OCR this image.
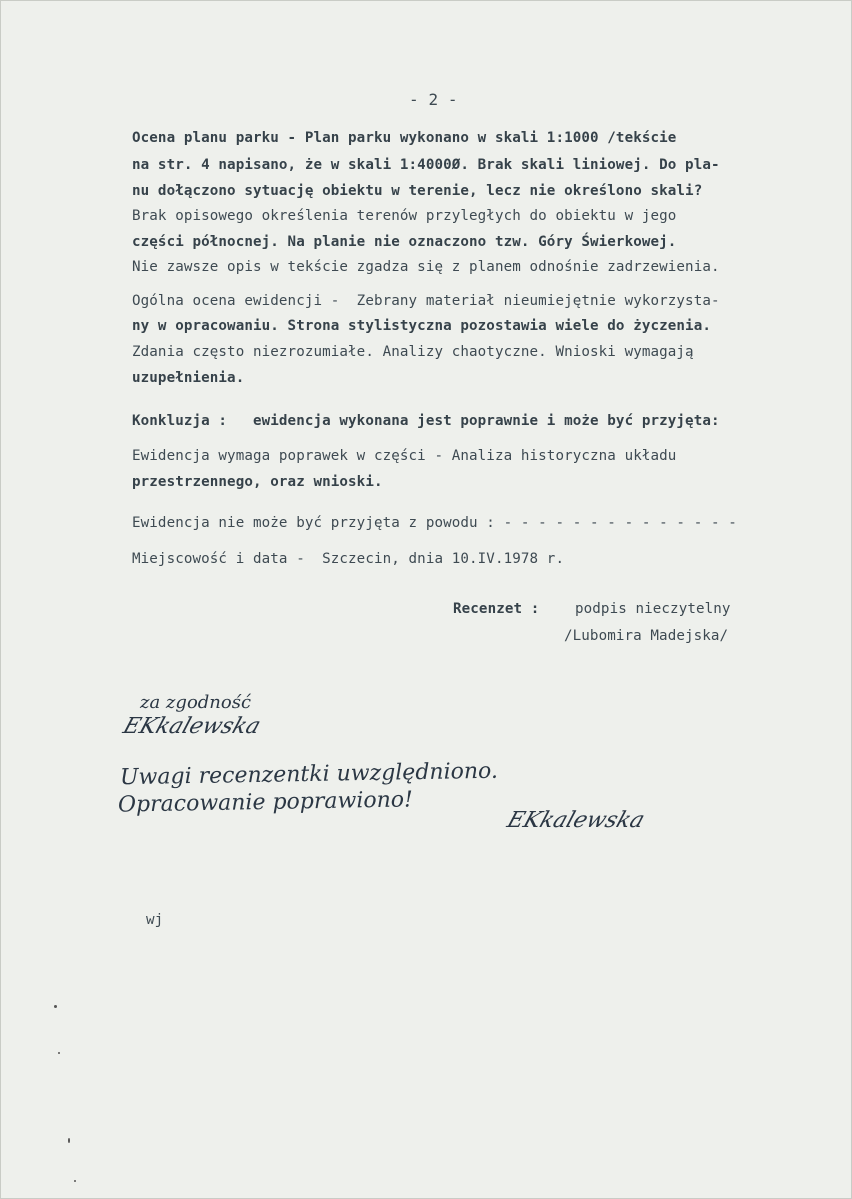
- 2 -
Ocena planu parku - Plan parku wykonano w skali 1:1000 /tekście
na str. 4 napisano, że w skali 1:4000Ø. Brak skali liniowej. Do pla-
nu dołączono sytuację obiektu w terenie, lecz nie określono skali?
Brak opisowego określenia terenów przyległych do obiektu w jego
części północnej. Na planie nie oznaczono tzw. Góry Świerkowej.
Nie zawsze opis w tekście zgadza się z planem odnośnie zadrzewienia.
Ogólna ocena ewidencji -  Zebrany materiał nieumiejętnie wykorzysta-
ny w opracowaniu. Strona stylistyczna pozostawia wiele do życzenia.
Zdania często niezrozumiałe. Analizy chaotyczne. Wnioski wymagają
uzupełnienia.
Konkluzja :   ewidencja wykonana jest poprawnie i może być przyjęta:
Ewidencja wymaga poprawek w części - Analiza historyczna układu
przestrzennego, oraz wnioski.
Ewidencja nie może być przyjęta z powodu : - - - - - - - - - - - - - -
Miejscowość i data -  Szczecin, dnia 10.IV.1978 r.
Recenzet :	podpis nieczytelny
/Lubomira Madejska/
za zgodność
EKkalewska
Uwagi recenzentki uwzględniono.
Opracowanie poprawiono!
EKkalewska
wj
